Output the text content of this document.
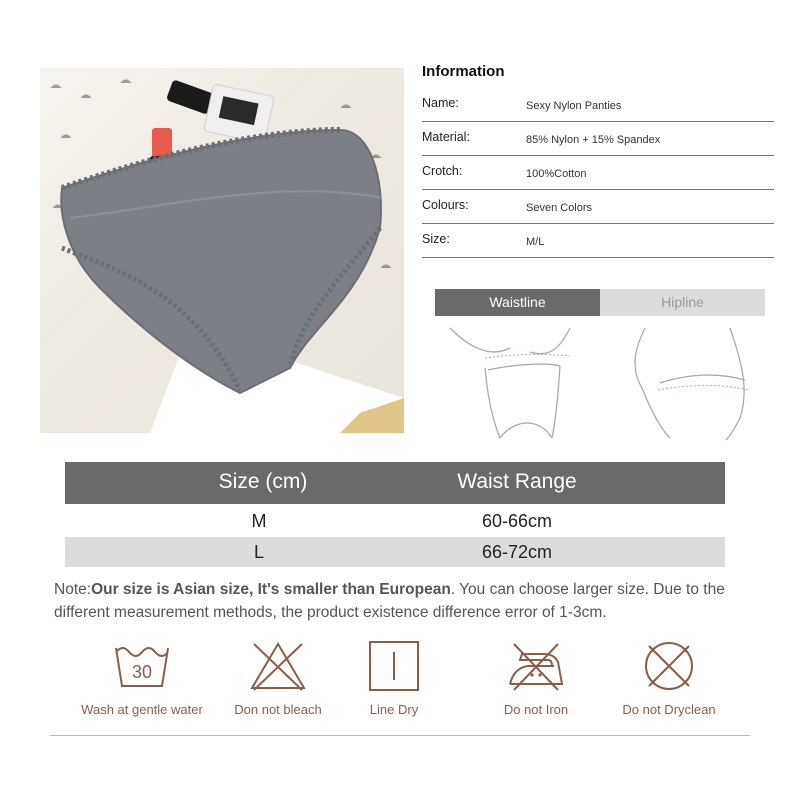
Information
Name:	Sexy Nylon Panties
Material:	85% Nylon + 15% Spandex
Crotch:	100%Cotton
Colours:	Seven Colors
Size:	M/L
Waistline	Hipline
Size (cm)	Waist Range
M	60-66cm
L	66-72cm
Note:Our size is Asian size, It's smaller than European. You can choose larger size. Due to the different measurement methods, the product existence difference error of 1-3cm.
30
Wash at gentle water	Don not bleach	Line Dry	Do not Iron	Do not Dryclean
